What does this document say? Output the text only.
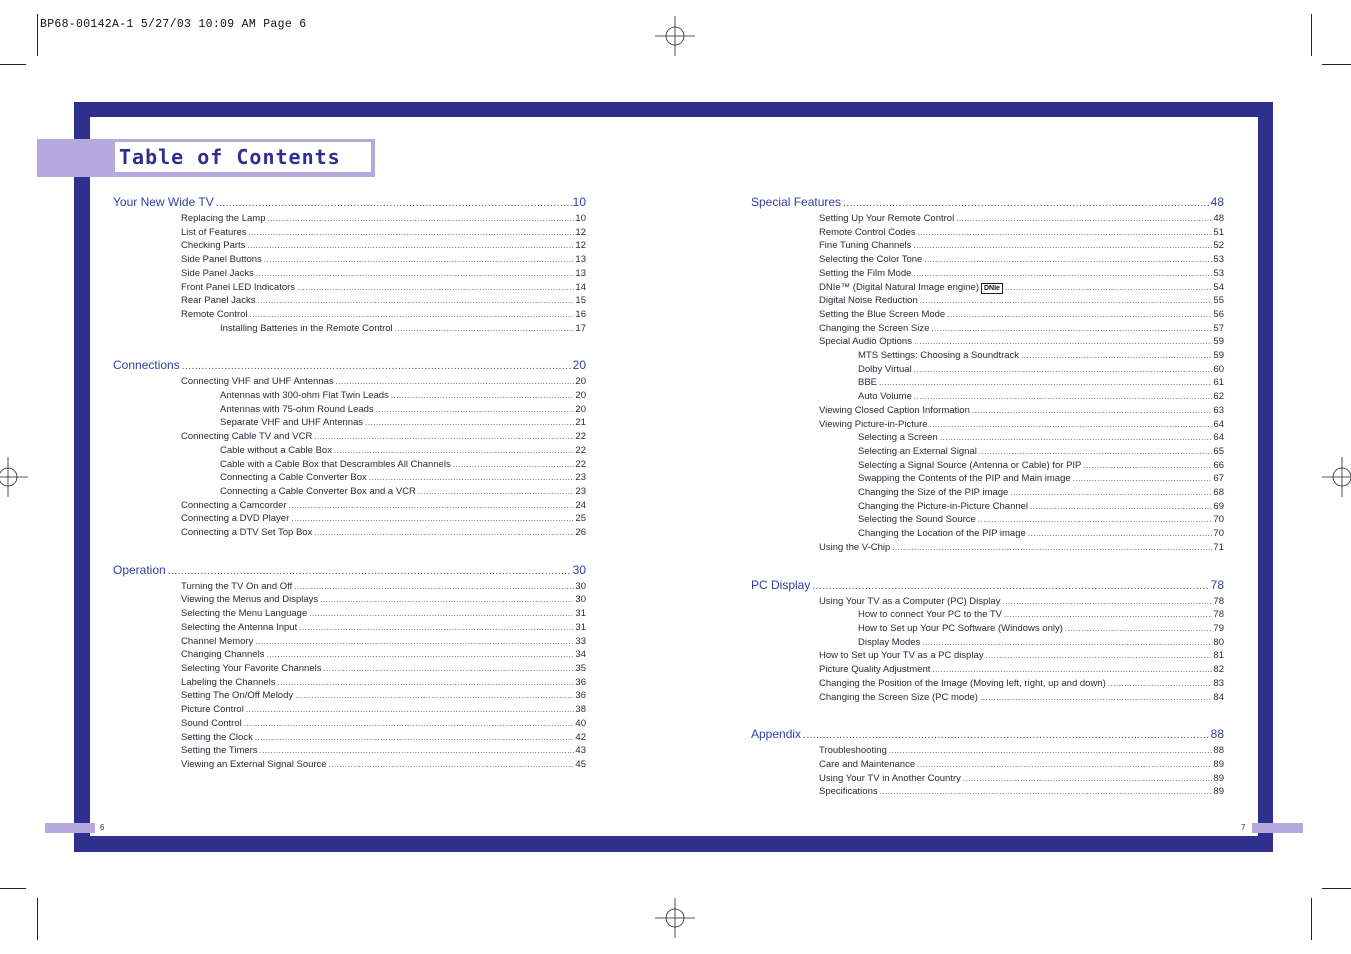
BP68-00142A-1 5/27/03 10:09 AM Page 6
Table of Contents
6	7
Your New Wide TV .....	10
Replacing the Lamp .....	10
List of Features .....	12
Checking Parts .....	12
Side Panel Buttons .....	13
Side Panel Jacks .....	13
Front Panel LED Indicators .....	14
Rear Panel Jacks .....	15
Remote Control .....	16
Installing Batteries in the Remote Control .....	17
Connections .....	20
Connecting VHF and UHF Antennas .....	20
Antennas with 300-ohm Flat Twin Leads .....	20
Antennas with 75-ohm Round Leads .....	20
Separate VHF and UHF Antennas .....	21
Connecting Cable TV and VCR .....	22
Cable without a Cable Box .....	22
Cable with a Cable Box that Descrambles All Channels .....	22
Connecting a Cable Converter Box .....	23
Connecting a Cable Converter Box and a VCR .....	23
Connecting a Camcorder .....	24
Connecting a DVD Player .....	25
Connecting a DTV Set Top Box .....	26
Operation .....	30
Turning the TV On and Off .....	30
Viewing the Menus and Displays .....	30
Selecting the Menu Language .....	31
Selecting the Antenna Input .....	31
Channel Memory .....	33
Changing Channels .....	34
Selecting Your Favorite Channels .....	35
Labeling the Channels .....	36
Setting The On/Off Melody .....	36
Picture Control .....	38
Sound Control .....	40
Setting the Clock .....	42
Setting the Timers .....	43
Viewing an External Signal Source .....	45
Special Features .....	48
Setting Up Your Remote Control .....	48
Remote Control Codes .....	51
Fine Tuning Channels .....	52
Selecting the Color Tone .....	53
Setting the Film Mode .....	53
DNIe™ (Digital Natural Image engine) DNIe .....	54
Digital Noise Reduction .....	55
Setting the Blue Screen Mode .....	56
Changing the Screen Size .....	57
Special Audio Options .....	59
MTS Settings: Choosing a Soundtrack .....	59
Dolby Virtual .....	60
BBE .....	61
Auto Volume .....	62
Viewing Closed Caption Information .....	63
Viewing Picture-in-Picture .....	64
Selecting a Screen .....	64
Selecting an External Signal .....	65
Selecting a Signal Source (Antenna or Cable) for PIP .....	66
Swapping the Contents of the PIP and Main image .....	67
Changing the Size of the PIP image .....	68
Changing the Picture-in-Picture Channel .....	69
Selecting the Sound Source .....	70
Changing the Location of the PIP image .....	70
Using the V-Chip .....	71
PC Display .....	78
Using Your TV as a Computer (PC) Display .....	78
How to connect Your PC to the TV .....	78
How to Set up Your PC Software (Windows only) .....	79
Display Modes .....	80
How to Set up Your TV as a PC display .....	81
Picture Quality Adjustment .....	82
Changing the Position of the Image (Moving left, right, up and down) .....	83
Changing the Screen Size (PC mode) .....	84
Appendix .....	88
Troubleshooting .....	88
Care and Maintenance .....	89
Using Your TV in Another Country .....	89
Specifications .....	89
